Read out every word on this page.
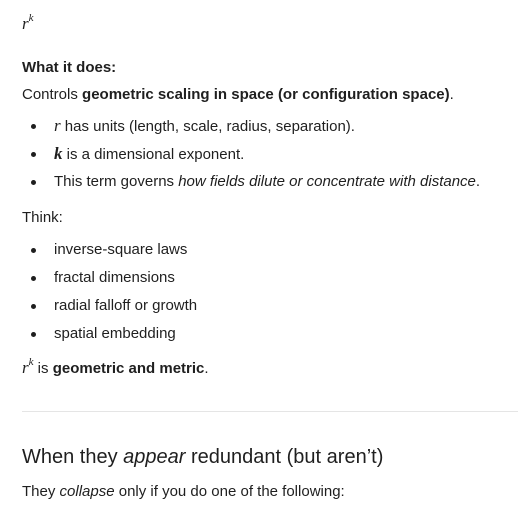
$r^k$
What it does:
Controls geometric scaling in space (or configuration space).
r has units (length, scale, radius, separation).
k is a dimensional exponent.
This term governs how fields dilute or concentrate with distance.
Think:
inverse-square laws
fractal dimensions
radial falloff or growth
spatial embedding
$r^k$ is geometric and metric.
When they appear redundant (but aren’t)
They collapse only if you do one of the following:
